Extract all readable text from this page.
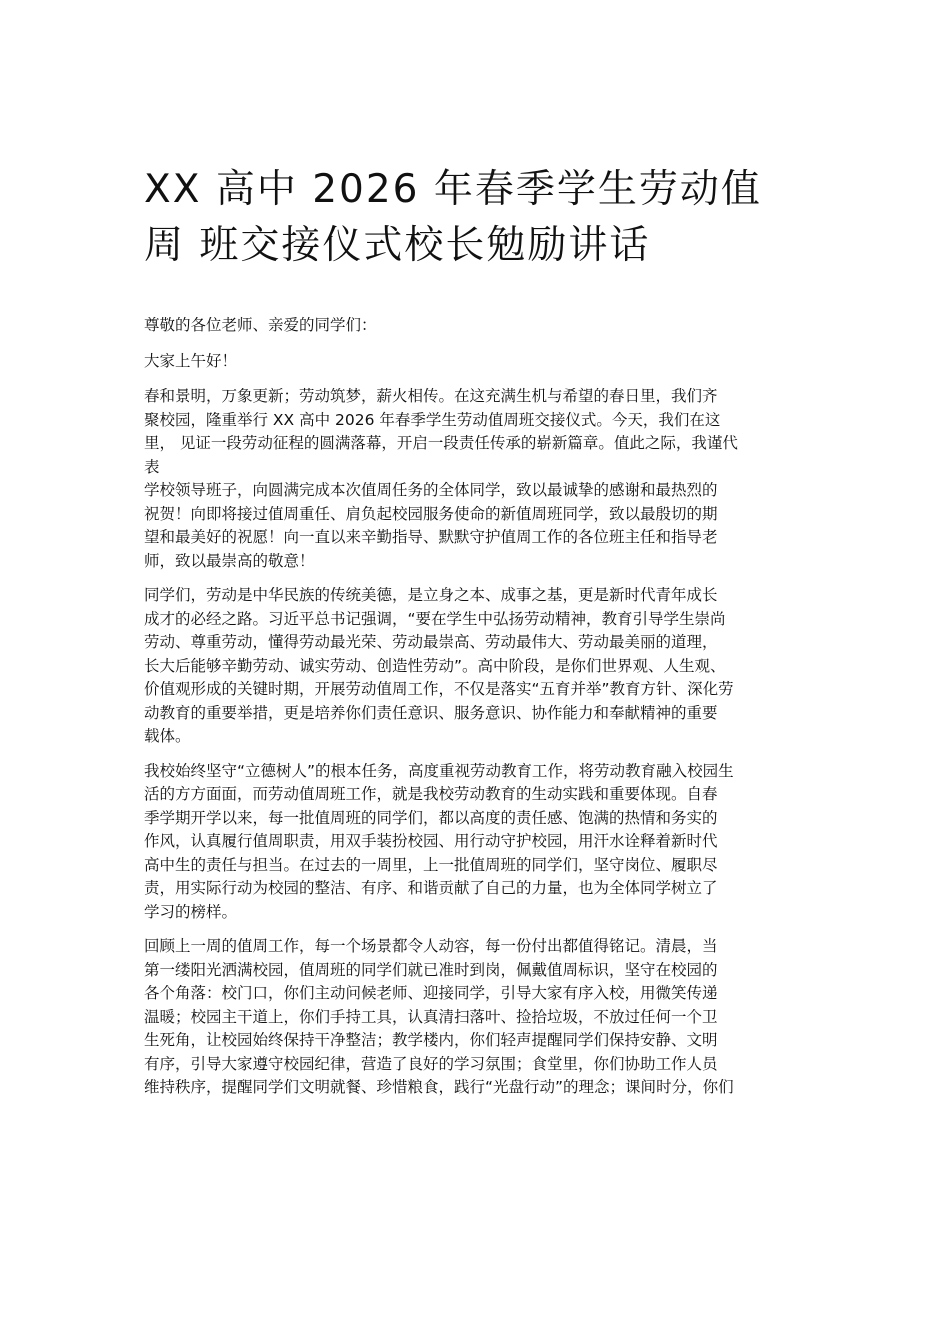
XX 高中 2026 年春季学生劳动值
周 班交接仪式校长勉励讲话

尊敬的各位老师、亲爱的同学们：

大家上午好！

春和景明，万象更新；劳动筑梦，薪火相传。在这充满生机与希望的春日里，我们齐
聚校园，隆重举行 XX 高中 2026 年春季学生劳动值周班交接仪式。今天，我们在这
里， 见证一段劳动征程的圆满落幕，开启一段责任传承的崭新篇章。值此之际，我谨代
表

学校领导班子，向圆满完成本次值周任务的全体同学，致以最诚挚的感谢和最热烈的
祝贺！向即将接过值周重任、肩负起校园服务使命的新值周班同学，致以最殷切的期
望和最美好的祝愿！向一直以来辛勤指导、默默守护值周工作的各位班主任和指导老
师，致以最崇高的敬意！

同学们，劳动是中华民族的传统美德，是立身之本、成事之基，更是新时代青年成长
成才的必经之路。习近平总书记强调，“要在学生中弘扬劳动精神，教育引导学生崇尚
劳动、尊重劳动，懂得劳动最光荣、劳动最崇高、劳动最伟大、劳动最美丽的道理，
长大后能够辛勤劳动、诚实劳动、创造性劳动”。高中阶段，是你们世界观、人生观、
价值观形成的关键时期，开展劳动值周工作，不仅是落实“五育并举”教育方针、深化劳
动教育的重要举措，更是培养你们责任意识、服务意识、协作能力和奉献精神的重要
载体。

我校始终坚守“立德树人”的根本任务，高度重视劳动教育工作，将劳动教育融入校园生
活的方方面面，而劳动值周班工作，就是我校劳动教育的生动实践和重要体现。自春
季学期开学以来，每一批值周班的同学们，都以高度的责任感、饱满的热情和务实的
作风，认真履行值周职责，用双手装扮校园、用行动守护校园，用汗水诠释着新时代
高中生的责任与担当。在过去的一周里，上一批值周班的同学们，坚守岗位、履职尽
责，用实际行动为校园的整洁、有序、和谐贡献了自己的力量，也为全体同学树立了
学习的榜样。

回顾上一周的值周工作，每一个场景都令人动容，每一份付出都值得铭记。清晨，当
第一缕阳光洒满校园，值周班的同学们就已准时到岗，佩戴值周标识，坚守在校园的
各个角落：校门口，你们主动问候老师、迎接同学，引导大家有序入校，用微笑传递
温暖；校园主干道上，你们手持工具，认真清扫落叶、捡拾垃圾，不放过任何一个卫
生死角，让校园始终保持干净整洁；教学楼内，你们轻声提醒同学们保持安静、文明
有序，引导大家遵守校园纪律，营造了良好的学习氛围；食堂里，你们协助工作人员
维持秩序，提醒同学们文明就餐、珍惜粮食，践行“光盘行动”的理念；课间时分，你们
